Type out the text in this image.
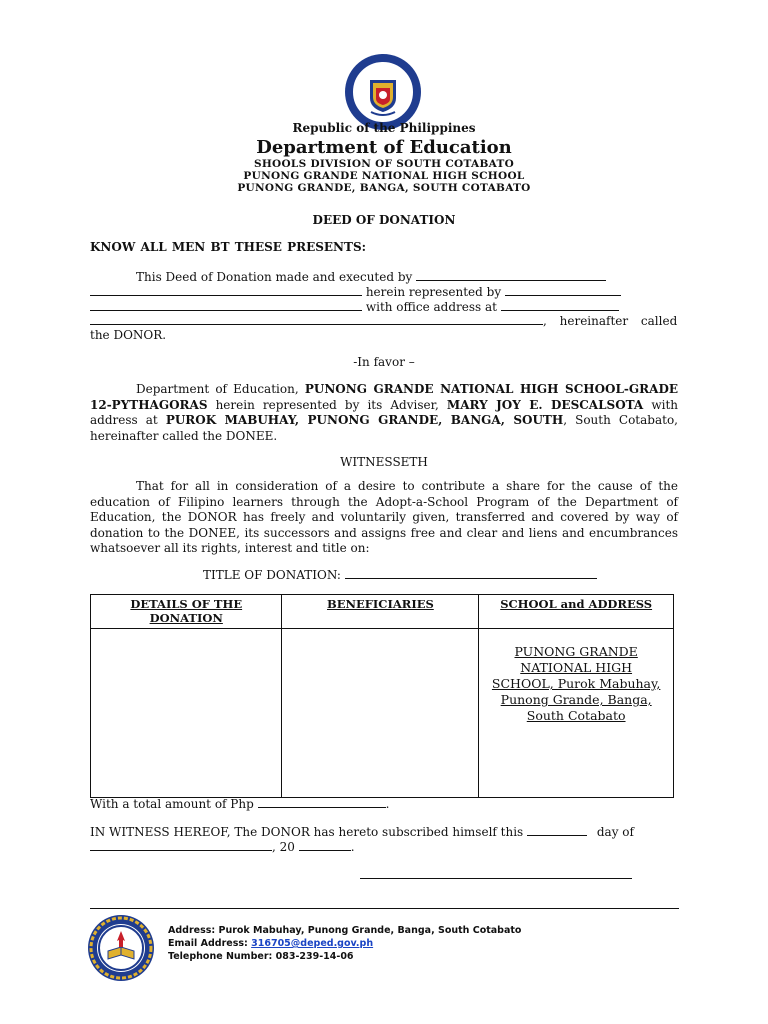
Republic of the Philippines

Department of Education

SHOOLS DIVISION OF SOUTH COTABATO

PUNONG GRANDE NATIONAL HIGH SCHOOL

PUNONG GRANDE, BANGA, SOUTH COTABATO

DEED OF DONATION
KNOW ALL MEN BT THESE PRESENTS:
This Deed of Donation made and executed by
herein represented by
with office address at
, hereinafter called
the DONOR.
-In favor –

Department of Education, PUNONG GRANDE NATIONAL HIGH SCHOOL-GRADE 12-PYTHAGORAS herein represented by its Adviser, MARY JOY E. DESCALSOTA with address at PUROK MABUHAY, PUNONG GRANDE, BANGA, SOUTH, South Cotabato, hereinafter called the DONEE.

WITNESSETH

That for all in consideration of a desire to contribute a share for the cause of the education of Filipino learners through the Adopt-a-School Program of the Department of Education, the DONOR has freely and voluntarily given, transferred and covered by way of donation to the DONEE, its successors and assigns free and clear and liens and encumbrances whatsoever all its rights, interest and title on:

TITLE OF DONATION:
DETAILS OF THE DONATION	BENEFICIARIES	SCHOOL and ADDRESS

		PUNONG GRANDE NATIONAL HIGH SCHOOL, Purok Mabuhay, Punong Grande, Banga, South Cotabato
With a total amount of Php	.
IN WITNESS HEREOF, The DONOR has hereto subscribed himself this	day of
, 20	.
Address: Purok Mabuhay, Punong Grande, Banga, South Cotabato
Email Address: 316705@deped.gov.ph
Telephone Number: 083-239-14-06
